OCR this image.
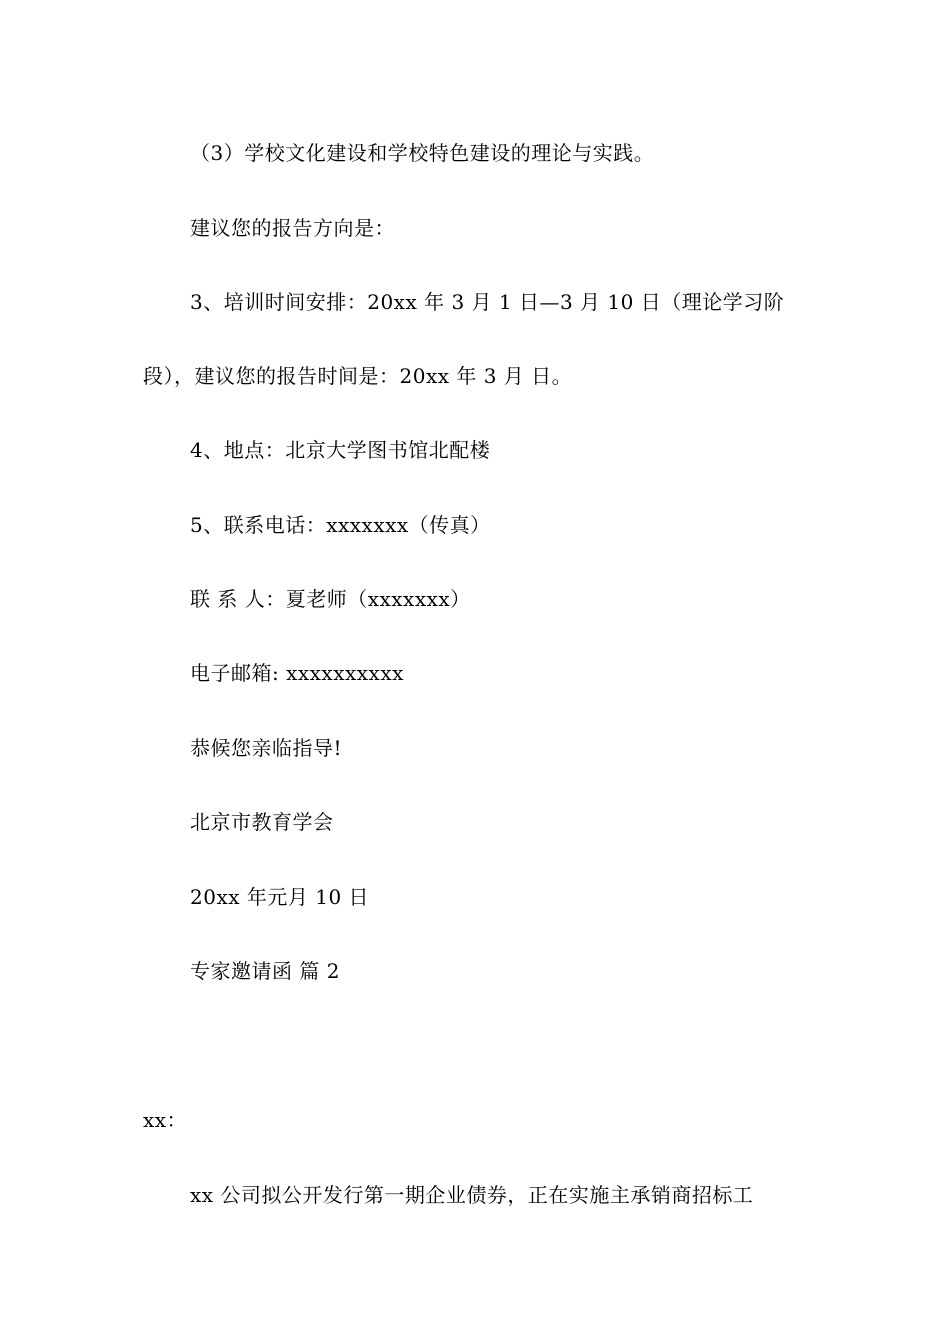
（3）学校文化建设和学校特色建设的理论与实践。
建议您的报告方向是：
3、培训时间安排：20xx 年 3 月 1 日—3 月 10 日（理论学习阶
段），建议您的报告时间是：20xx 年 3 月 日。
4、地点：北京大学图书馆北配楼
5、联系电话：xxxxxxx（传真）
联 系 人：夏老师（xxxxxxx）
电子邮箱: xxxxxxxxxx
恭候您亲临指导!
北京市教育学会
20xx 年元月 10 日
专家邀请函 篇 2
xx：
xx 公司拟公开发行第一期企业债券，正在实施主承销商招标工
